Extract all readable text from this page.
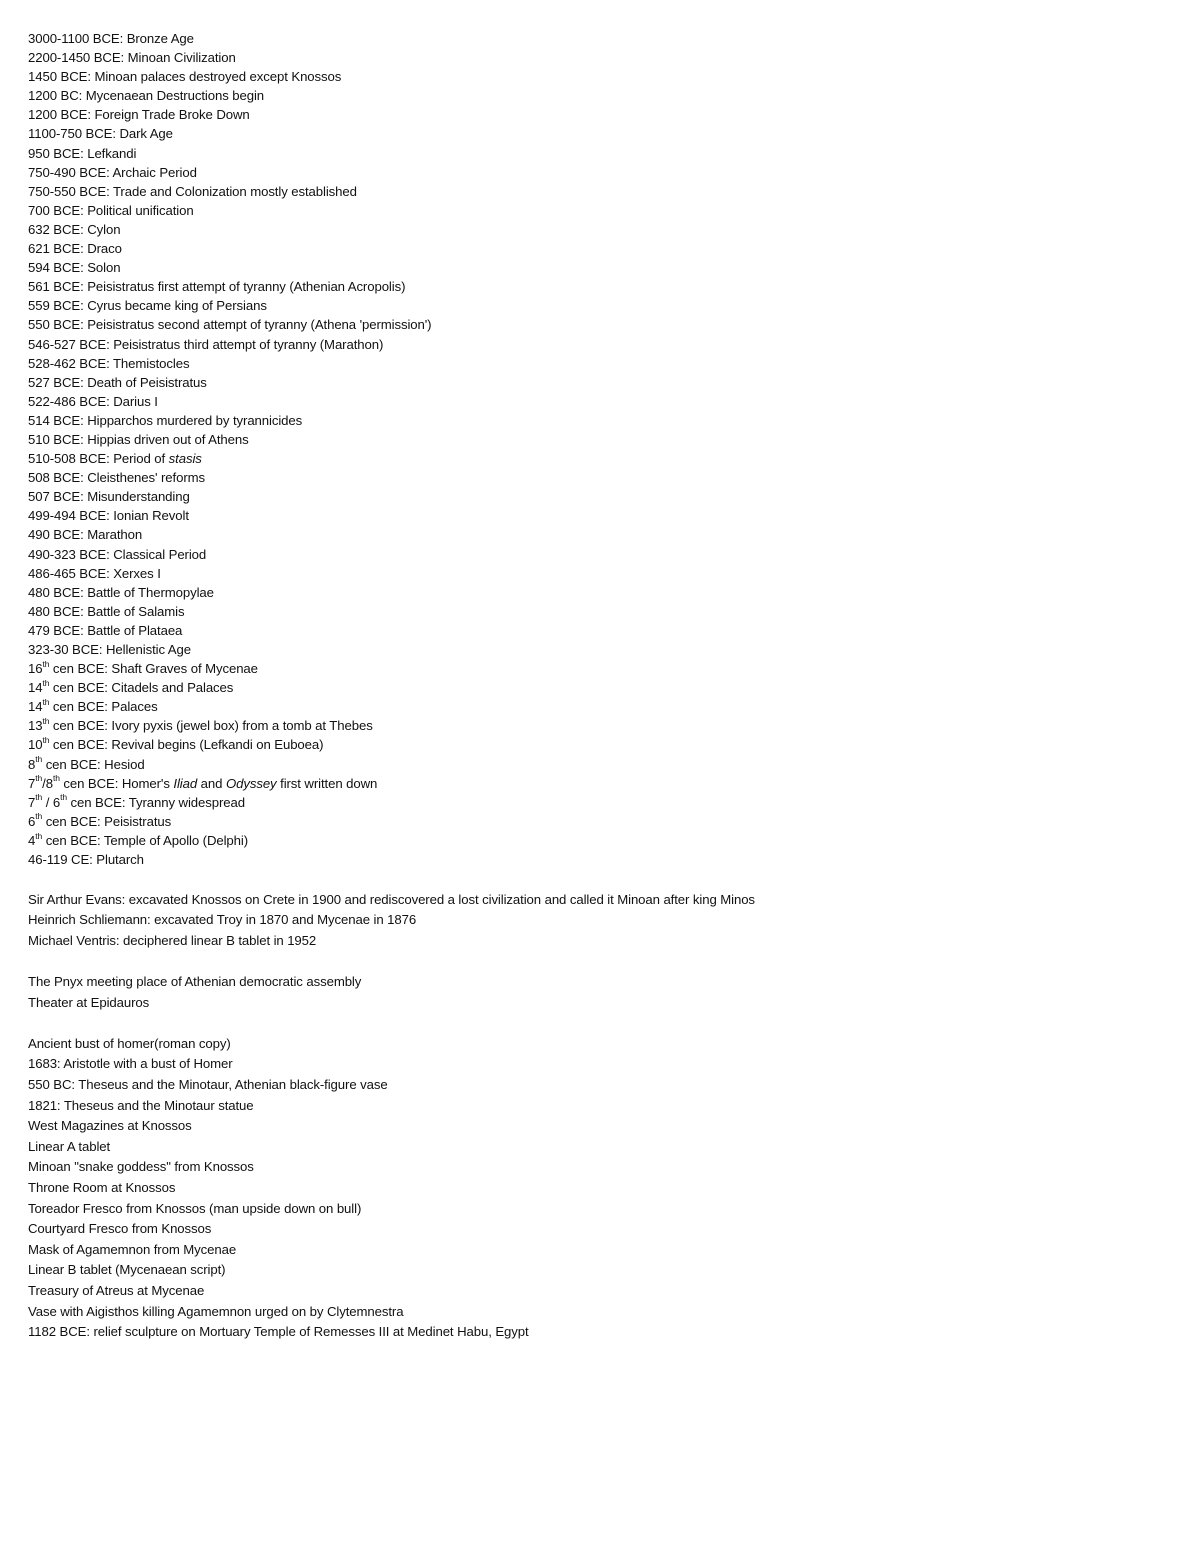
3000-1100 BCE: Bronze Age
2200-1450 BCE: Minoan Civilization
1450 BCE: Minoan palaces destroyed except Knossos
1200 BC: Mycenaean Destructions begin
1200 BCE: Foreign Trade Broke Down
1100-750 BCE: Dark Age
950 BCE: Lefkandi
750-490 BCE: Archaic Period
750-550 BCE: Trade and Colonization mostly established
700 BCE: Political unification
632 BCE: Cylon
621 BCE: Draco
594 BCE: Solon
561 BCE: Peisistratus first attempt of tyranny (Athenian Acropolis)
559 BCE: Cyrus became king of Persians
550 BCE: Peisistratus second attempt of tyranny (Athena 'permission')
546-527 BCE: Peisistratus third attempt of tyranny (Marathon)
528-462 BCE: Themistocles
527 BCE: Death of Peisistratus
522-486 BCE: Darius I
514 BCE: Hipparchos murdered by tyrannicides
510 BCE: Hippias driven out of Athens
510-508 BCE: Period of stasis
508 BCE: Cleisthenes' reforms
507 BCE: Misunderstanding
499-494 BCE: Ionian Revolt
490 BCE: Marathon
490-323 BCE: Classical Period
486-465 BCE: Xerxes I
480 BCE: Battle of Thermopylae
480 BCE: Battle of Salamis
479 BCE: Battle of Plataea
323-30 BCE: Hellenistic Age
16th cen BCE: Shaft Graves of Mycenae
14th cen BCE: Citadels and Palaces
14th cen BCE: Palaces
13th cen BCE: Ivory pyxis (jewel box) from a tomb at Thebes
10th cen BCE: Revival begins (Lefkandi on Euboea)
8th cen BCE: Hesiod
7th/8th cen BCE: Homer's Iliad and Odyssey first written down
7th / 6th cen BCE: Tyranny widespread
6th cen BCE: Peisistratus
4th cen BCE: Temple of Apollo (Delphi)
46-119 CE: Plutarch
Sir Arthur Evans: excavated Knossos on Crete in 1900 and rediscovered a lost civilization and called it Minoan after king Minos
Heinrich Schliemann: excavated Troy in 1870 and Mycenae in 1876
Michael Ventris: deciphered linear B tablet in 1952
The Pnyx meeting place of Athenian democratic assembly
Theater at Epidauros
Ancient bust of homer(roman copy)
1683: Aristotle with a bust of Homer
550 BC: Theseus and the Minotaur, Athenian black-figure vase
1821: Theseus and the Minotaur statue
West Magazines at Knossos
Linear A tablet
Minoan "snake goddess" from Knossos
Throne Room at Knossos
Toreador Fresco from Knossos (man upside down on bull)
Courtyard Fresco from Knossos
Mask of Agamemnon from Mycenae
Linear B tablet (Mycenaean script)
Treasury of Atreus at Mycenae
Vase with Aigisthos killing Agamemnon urged on by Clytemnestra
1182 BCE: relief sculpture on Mortuary Temple of Remesses III at Medinet Habu, Egypt
